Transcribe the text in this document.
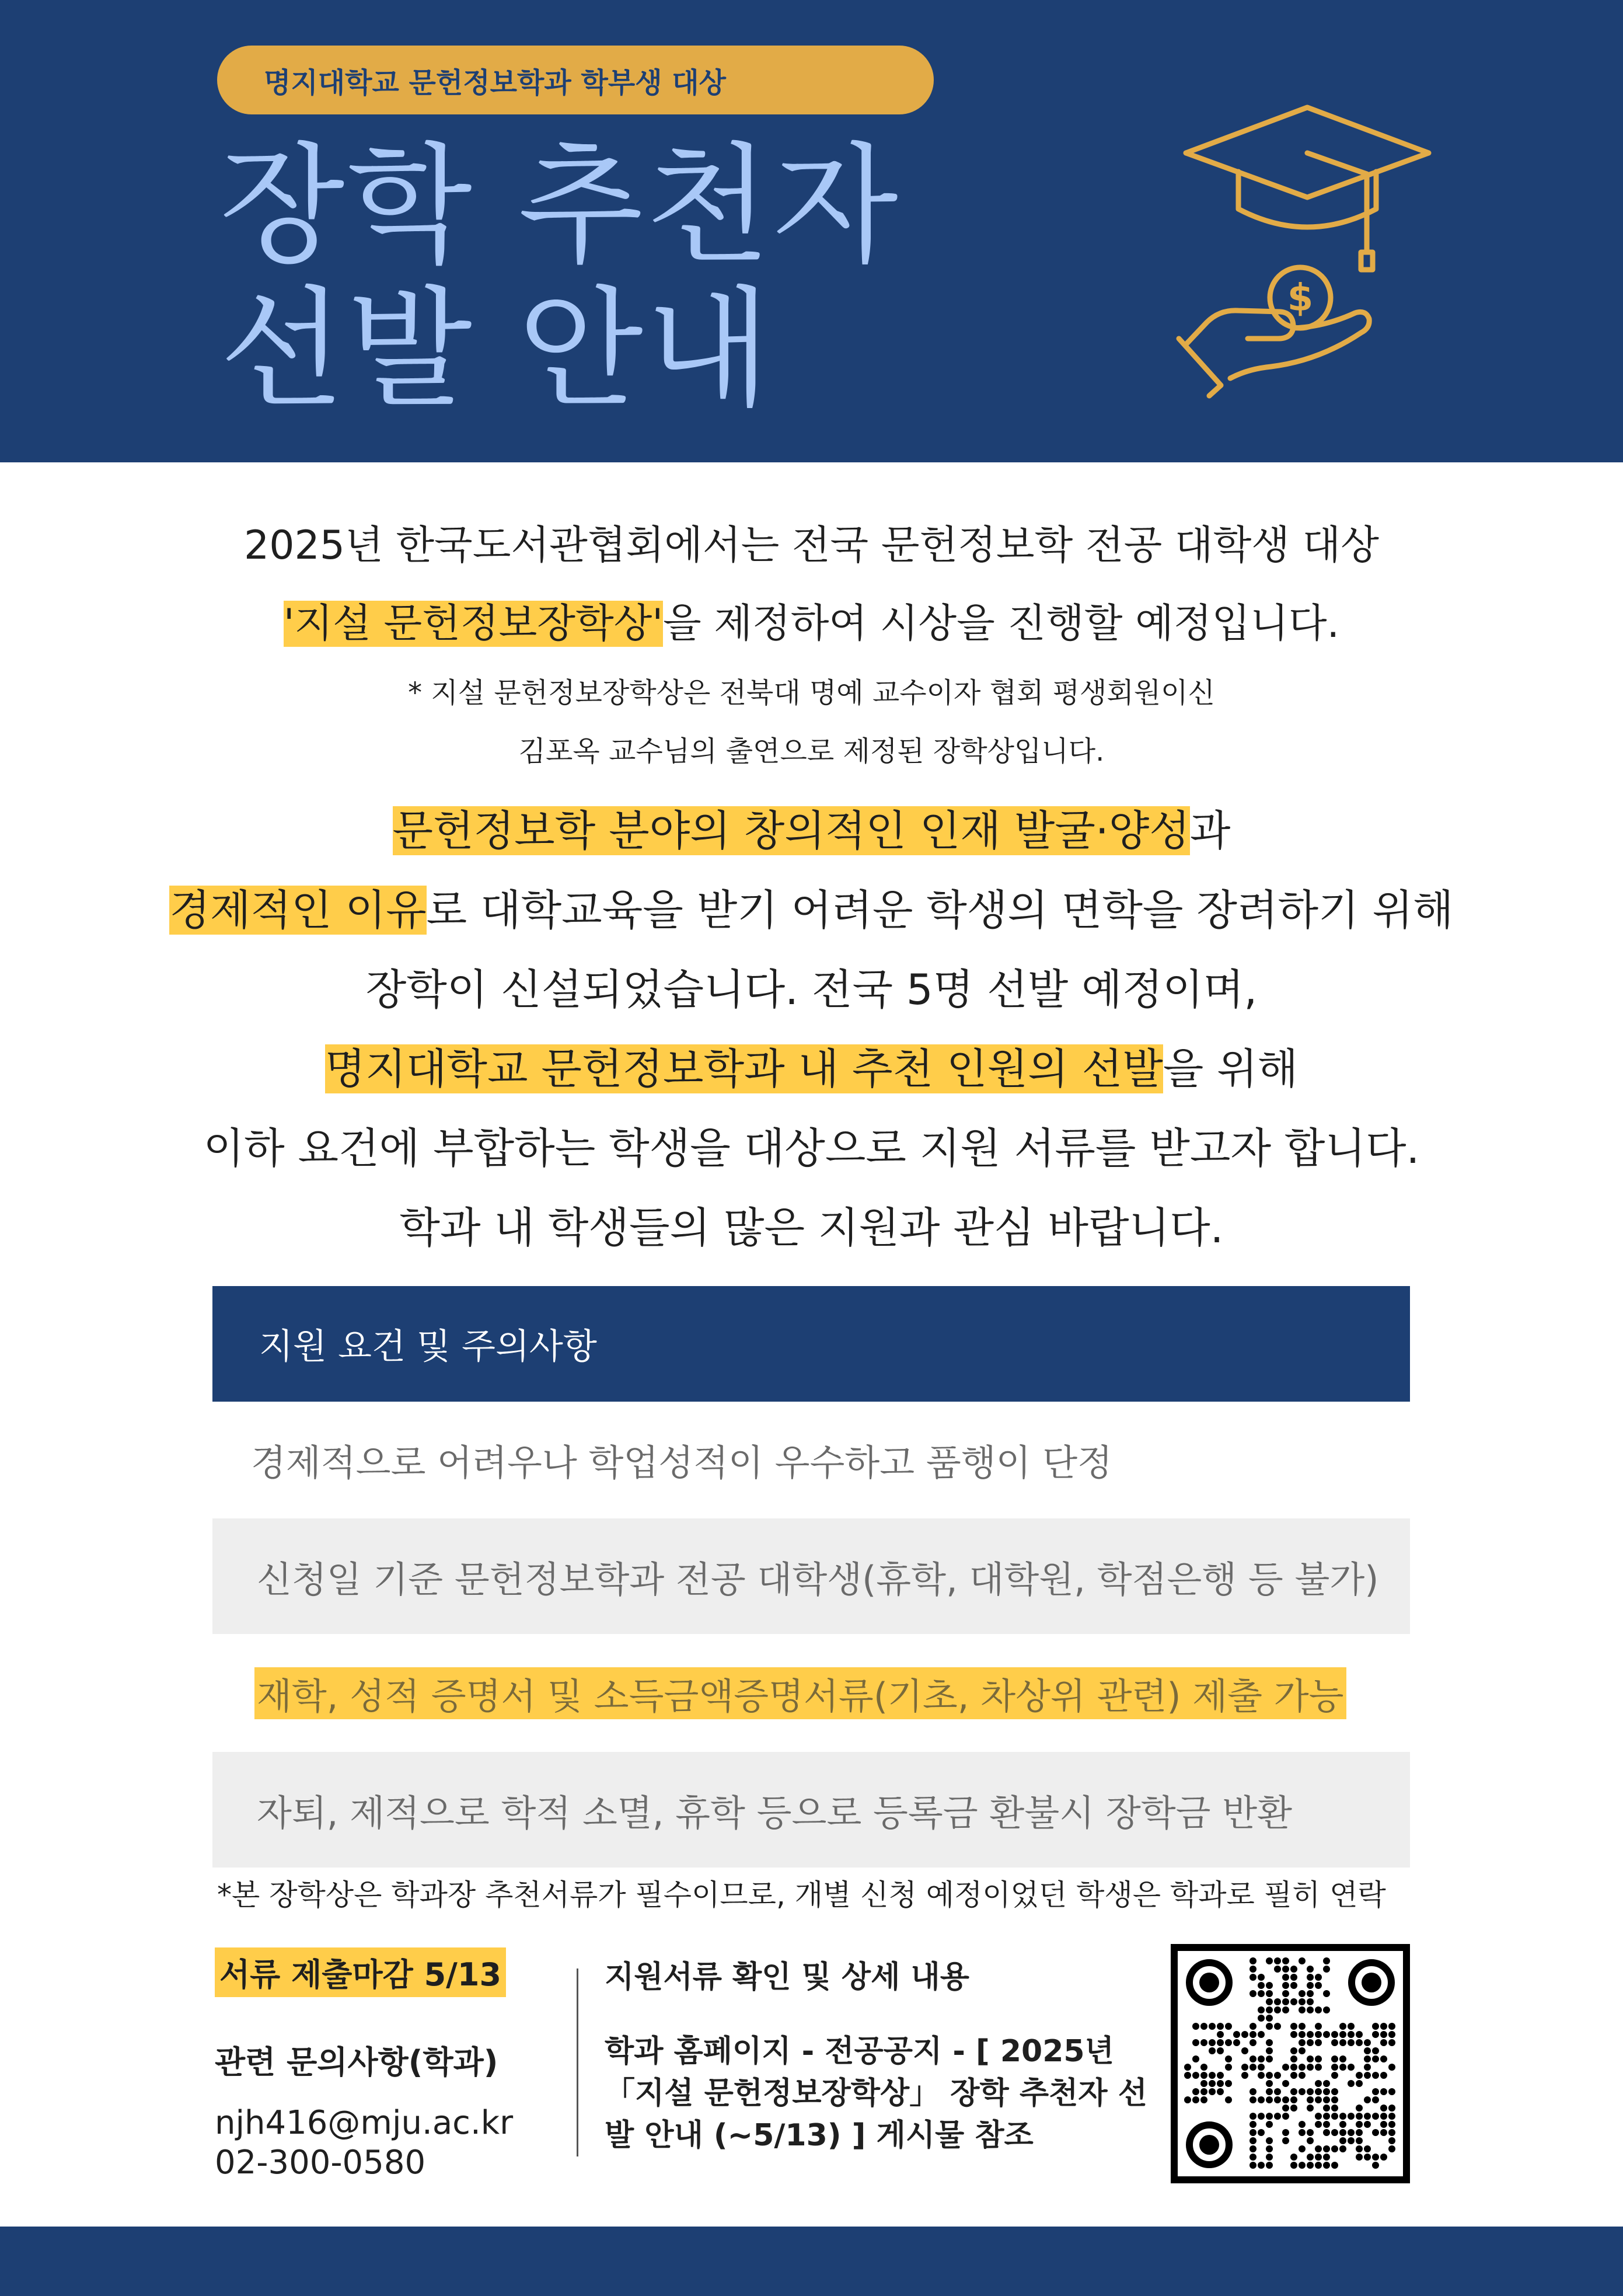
명지대학교 문헌정보학과 학부생 대상
장학 추천자
선발 안내	$
2025년 한국도서관협회에서는 전국 문헌정보학 전공 대학생 대상
'지설 문헌정보장학상'을 제정하여 시상을 진행할 예정입니다.
* 지설 문헌정보장학상은 전북대 명예 교수이자 협회 평생회원이신
김포옥 교수님의 출연으로 제정된 장학상입니다.
문헌정보학 분야의 창의적인 인재 발굴·양성과
경제적인 이유로 대학교육을 받기 어려운 학생의 면학을 장려하기 위해
장학이 신설되었습니다. 전국 5명 선발 예정이며,
명지대학교 문헌정보학과 내 추천 인원의 선발을 위해
이하 요건에 부합하는 학생을 대상으로 지원 서류를 받고자 합니다.
학과 내 학생들의 많은 지원과 관심 바랍니다.
지원 요건 및 주의사항
경제적으로 어려우나 학업성적이 우수하고 품행이 단정
신청일 기준 문헌정보학과 전공 대학생(휴학, 대학원, 학점은행 등 불가)
재학, 성적 증명서 및 소득금액증명서류(기초, 차상위 관련) 제출 가능
자퇴, 제적으로 학적 소멸, 휴학 등으로 등록금 환불시 장학금 반환
*본 장학상은 학과장 추천서류가 필수이므로, 개별 신청 예정이었던 학생은 학과로 필히 연락
서류 제출마감 5/13
관련 문의사항(학과)
njh416@mju.ac.kr
02-300-0580
지원서류 확인 및 상세 내용
학과 홈페이지 - 전공공지 - [ 2025년
「지설 문헌정보장학상」 장학 추천자 선
발 안내 (~5/13) ] 게시물 참조
